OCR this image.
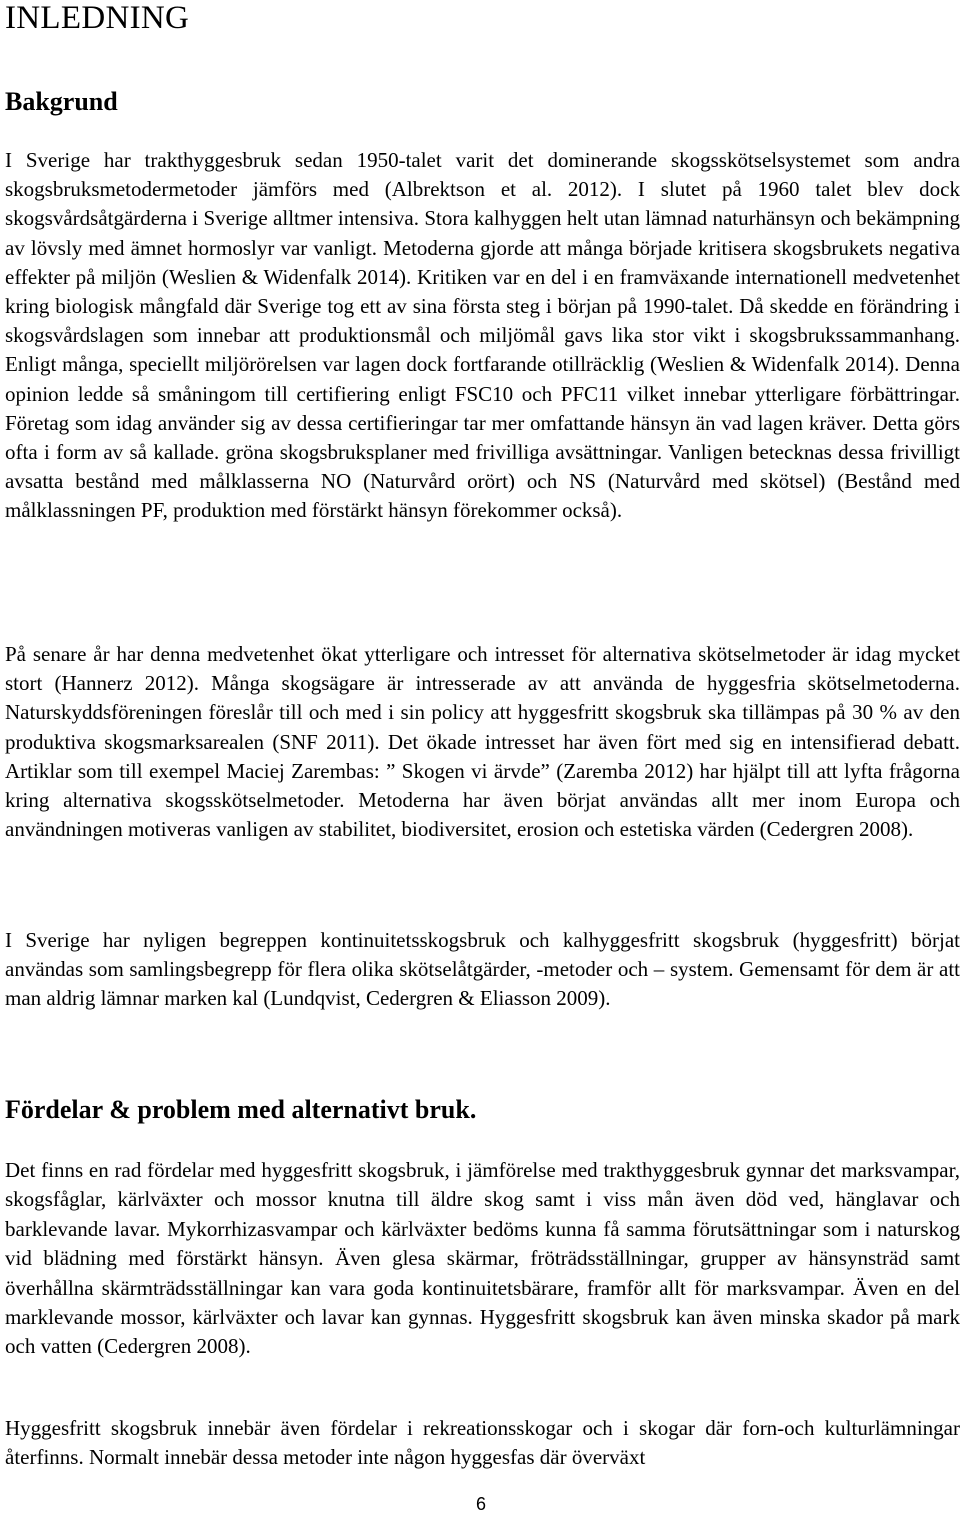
INLEDNING
Bakgrund

I Sverige har trakthyggesbruk sedan 1950-talet varit det dominerande skogsskötselsystemet som andra skogsbruksmetodermetoder jämförs med (Albrektson et al. 2012). I slutet på 1960 talet blev dock skogsvårdsåtgärderna i Sverige alltmer intensiva. Stora kalhyggen helt utan lämnad naturhänsyn och bekämpning av lövsly med ämnet hormoslyr var vanligt. Metoderna gjorde att många började kritisera skogsbrukets negativa effekter på miljön (Weslien & Widenfalk 2014). Kritiken var en del i en framväxande internationell medvetenhet kring biologisk mångfald där Sverige tog ett av sina första steg i början på 1990-talet. Då skedde en förändring i skogsvårdslagen som innebar att produktionsmål och miljömål gavs lika stor vikt i skogsbrukssammanhang. Enligt många, speciellt miljörörelsen var lagen dock fortfarande otillräcklig (Weslien & Widenfalk 2014). Denna opinion ledde så småningom till certifiering enligt FSC10 och PFC11 vilket innebar ytterligare förbättringar. Företag som idag använder sig av dessa certifieringar tar mer omfattande hänsyn än vad lagen kräver. Detta görs ofta i form av så kallade. gröna skogsbruksplaner med frivilliga avsättningar. Vanligen betecknas dessa frivilligt avsatta bestånd med målklasserna NO (Naturvård orört) och NS (Naturvård med skötsel) (Bestånd med målklassningen PF, produktion med förstärkt hänsyn förekommer också).

På senare år har denna medvetenhet ökat ytterligare och intresset för alternativa skötselmetoder är idag mycket stort (Hannerz 2012). Många skogsägare är intresserade av att använda de hyggesfria skötselmetoderna. Naturskyddsföreningen föreslår till och med i sin policy att hyggesfritt skogsbruk ska tillämpas på 30 % av den produktiva skogsmarksarealen (SNF 2011). Det ökade intresset har även fört med sig en intensifierad debatt. Artiklar som till exempel Maciej Zarembas: ” Skogen vi ärvde” (Zaremba 2012) har hjälpt till att lyfta frågorna kring alternativa skogsskötselmetoder. Metoderna har även börjat användas allt mer inom Europa och användningen motiveras vanligen av stabilitet, biodiversitet, erosion och estetiska värden (Cedergren 2008).

I Sverige har nyligen begreppen kontinuitetsskogsbruk och kalhyggesfritt skogsbruk (hyggesfritt) börjat användas som samlingsbegrepp för flera olika skötselåtgärder, -metoder och – system. Gemensamt för dem är att man aldrig lämnar marken kal (Lundqvist, Cedergren & Eliasson 2009).

Fördelar & problem med alternativt bruk.

Det finns en rad fördelar med hyggesfritt skogsbruk, i jämförelse med trakthyggesbruk gynnar det marksvampar, skogsfåglar, kärlväxter och mossor knutna till äldre skog samt i viss mån även död ved, hänglavar och barklevande lavar. Mykorrhizasvampar och kärlväxter bedöms kunna få samma förutsättningar som i naturskog vid blädning med förstärkt hänsyn. Även glesa skärmar, fröträdsställningar, grupper av hänsynsträd samt överhållna skärmträdsställningar kan vara goda kontinuitetsbärare, framför allt för marksvampar. Även en del marklevande mossor, kärlväxter och lavar kan gynnas. Hyggesfritt skogsbruk kan även minska skador på mark och vatten (Cedergren 2008).

Hyggesfritt skogsbruk innebär även fördelar i rekreationsskogar och i skogar där forn-och kulturlämningar återfinns. Normalt innebär dessa metoder inte någon hyggesfas där överväxt

6
